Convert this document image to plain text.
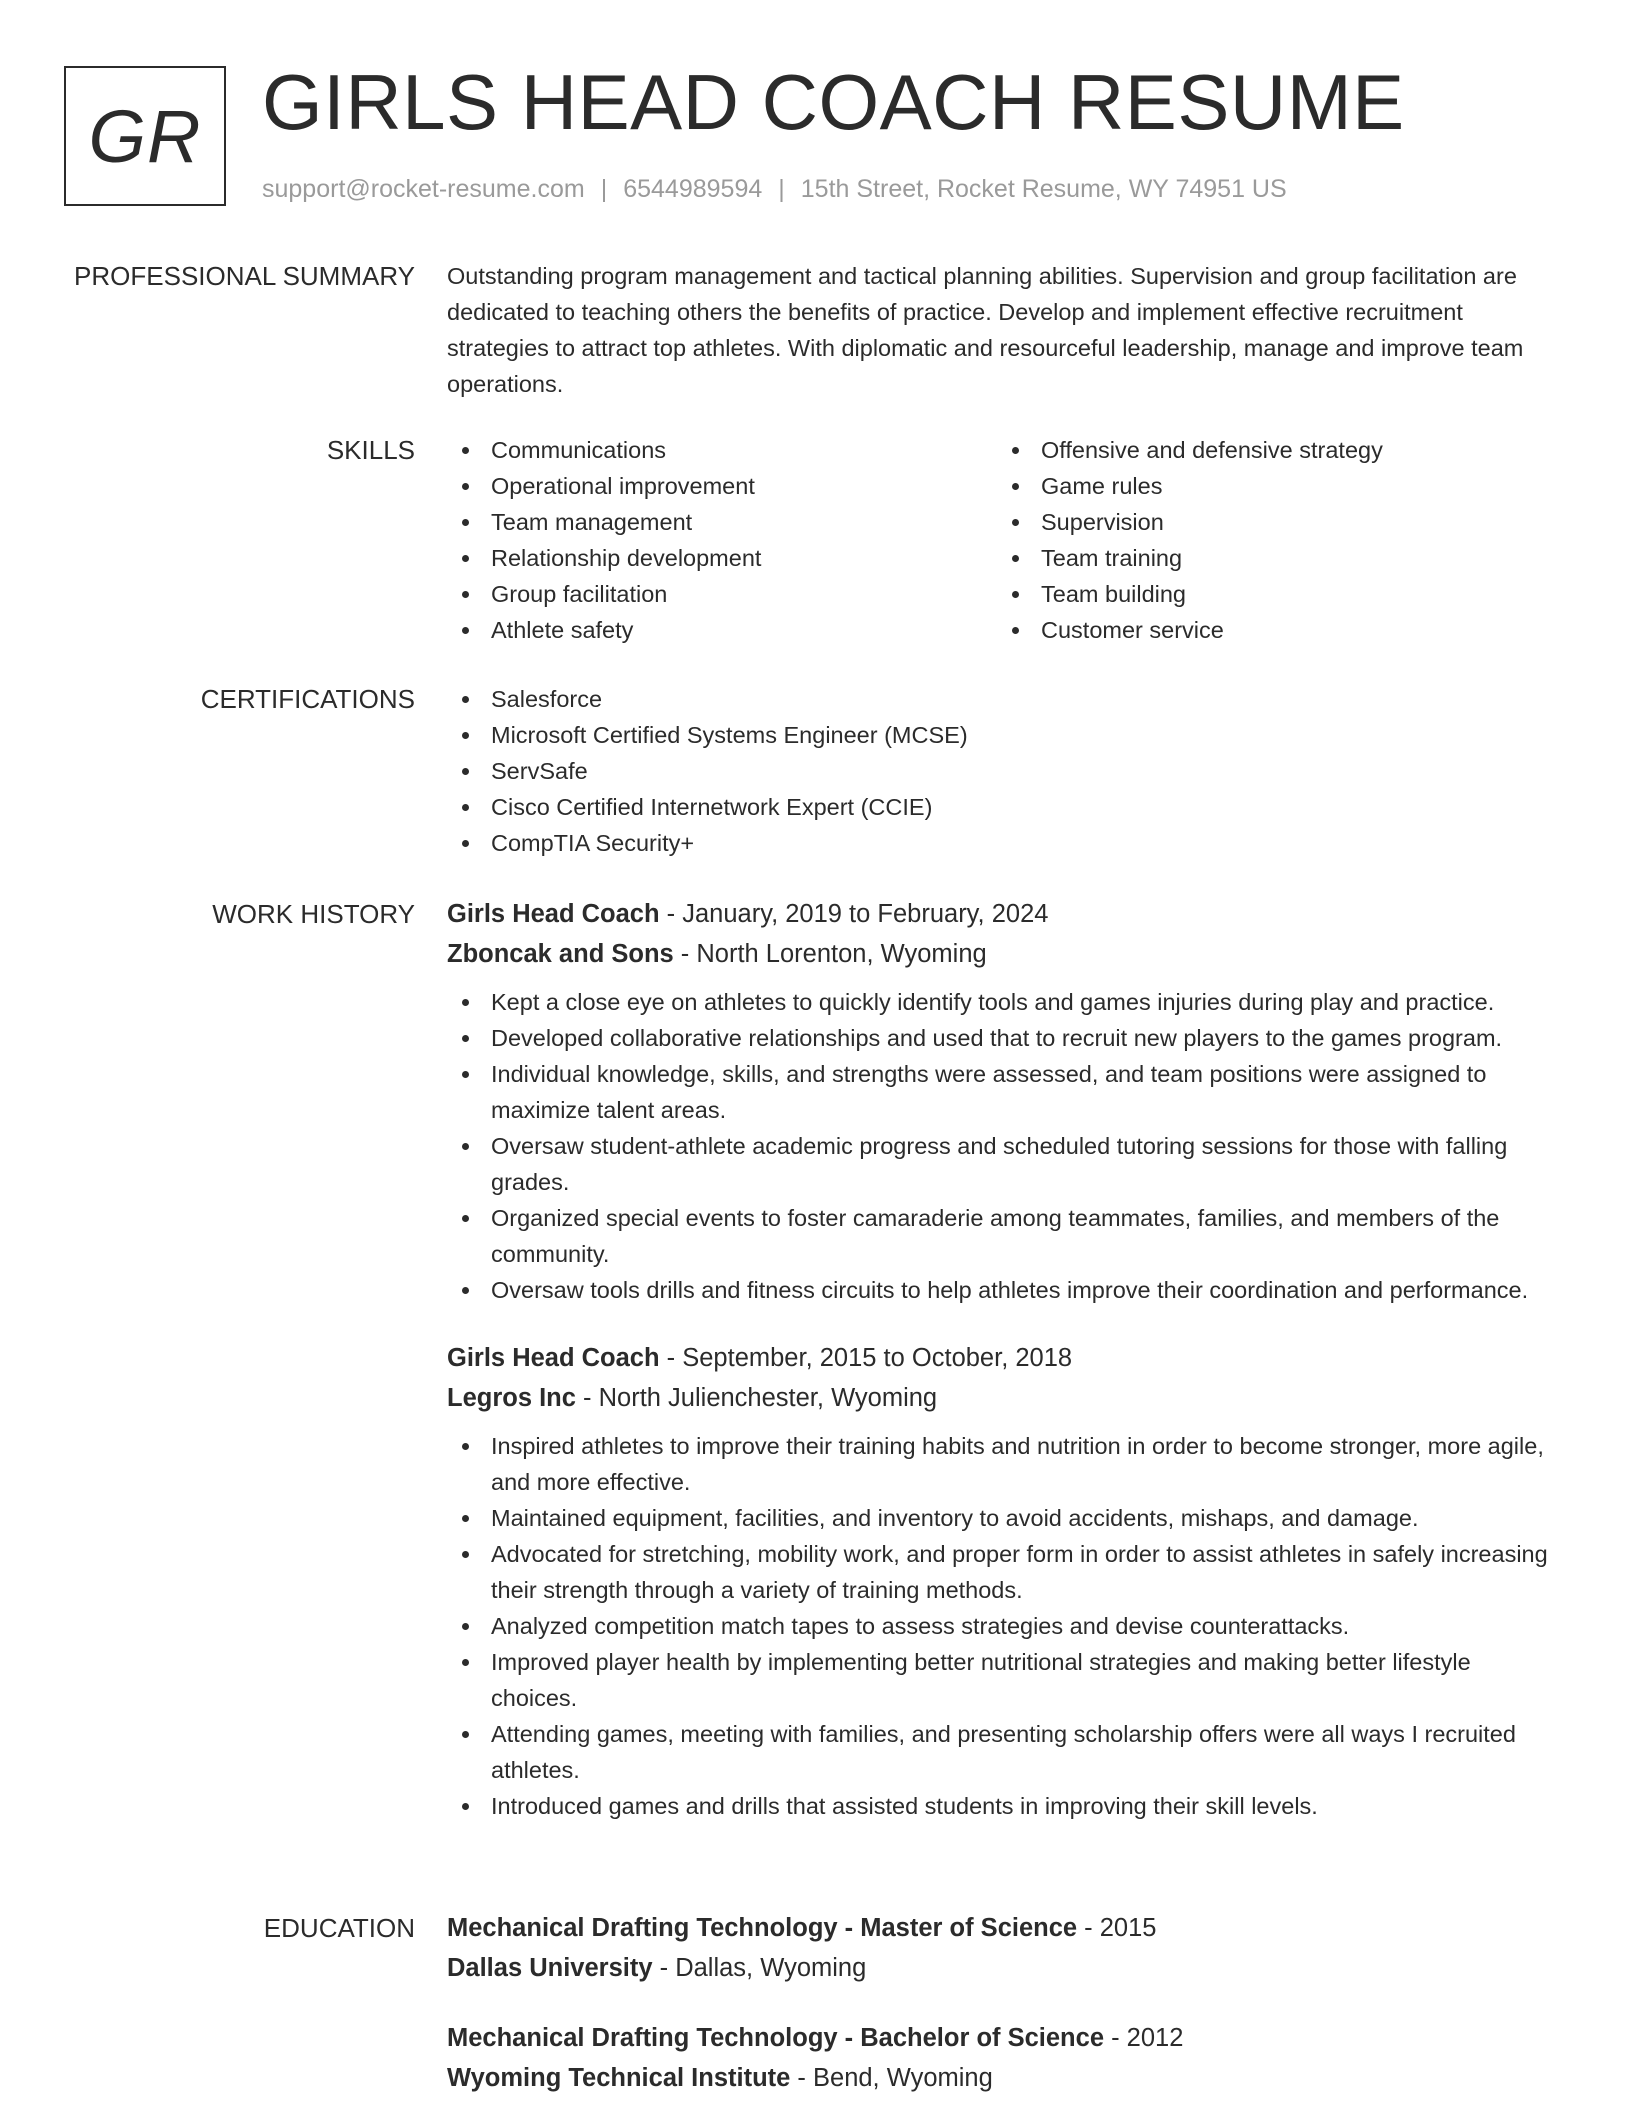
GR GIRLS HEAD COACH RESUME
support@rocket-resume.com | 6544989594 | 15th Street, Rocket Resume, WY 74951 US
PROFESSIONAL SUMMARY Outstanding program management and tactical planning abilities. Supervision and group facilitation are dedicated to teaching others the benefits of practice. Develop and implement effective recruitment strategies to attract top athletes. With diplomatic and resourceful leadership, manage and improve team operations.

SKILLS	Communications
Operational improvement
Team management
Relationship development
Group facilitation
Athlete safety
Offensive and defensive strategy
Game rules
Supervision
Team training
Team building
Customer service
CERTIFICATIONS	Salesforce
Microsoft Certified Systems Engineer (MCSE)
ServSafe
Cisco Certified Internetwork Expert (CCIE)
CompTIA Security+
WORK HISTORY Girls Head Coach - January, 2019 to February, 2024
Zboncak and Sons - North Lorenton, Wyoming
Kept a close eye on athletes to quickly identify tools and games injuries during play and practice.
Developed collaborative relationships and used that to recruit new players to the games program.
Individual knowledge, skills, and strengths were assessed, and team positions were assigned to maximize talent areas.
Oversaw student-athlete academic progress and scheduled tutoring sessions for those with falling grades.
Organized special events to foster camaraderie among teammates, families, and members of the community.
Oversaw tools drills and fitness circuits to help athletes improve their coordination and performance.
Girls Head Coach - September, 2015 to October, 2018
Legros Inc - North Julienchester, Wyoming
Inspired athletes to improve their training habits and nutrition in order to become stronger, more agile, and more effective.
Maintained equipment, facilities, and inventory to avoid accidents, mishaps, and damage.
Advocated for stretching, mobility work, and proper form in order to assist athletes in safely increasing their strength through a variety of training methods.
Analyzed competition match tapes to assess strategies and devise counterattacks.
Improved player health by implementing better nutritional strategies and making better lifestyle choices.
Attending games, meeting with families, and presenting scholarship offers were all ways I recruited athletes.
Introduced games and drills that assisted students in improving their skill levels.
EDUCATION Mechanical Drafting Technology - Master of Science - 2015
Dallas University - Dallas, Wyoming
Mechanical Drafting Technology - Bachelor of Science - 2012
Wyoming Technical Institute - Bend, Wyoming
